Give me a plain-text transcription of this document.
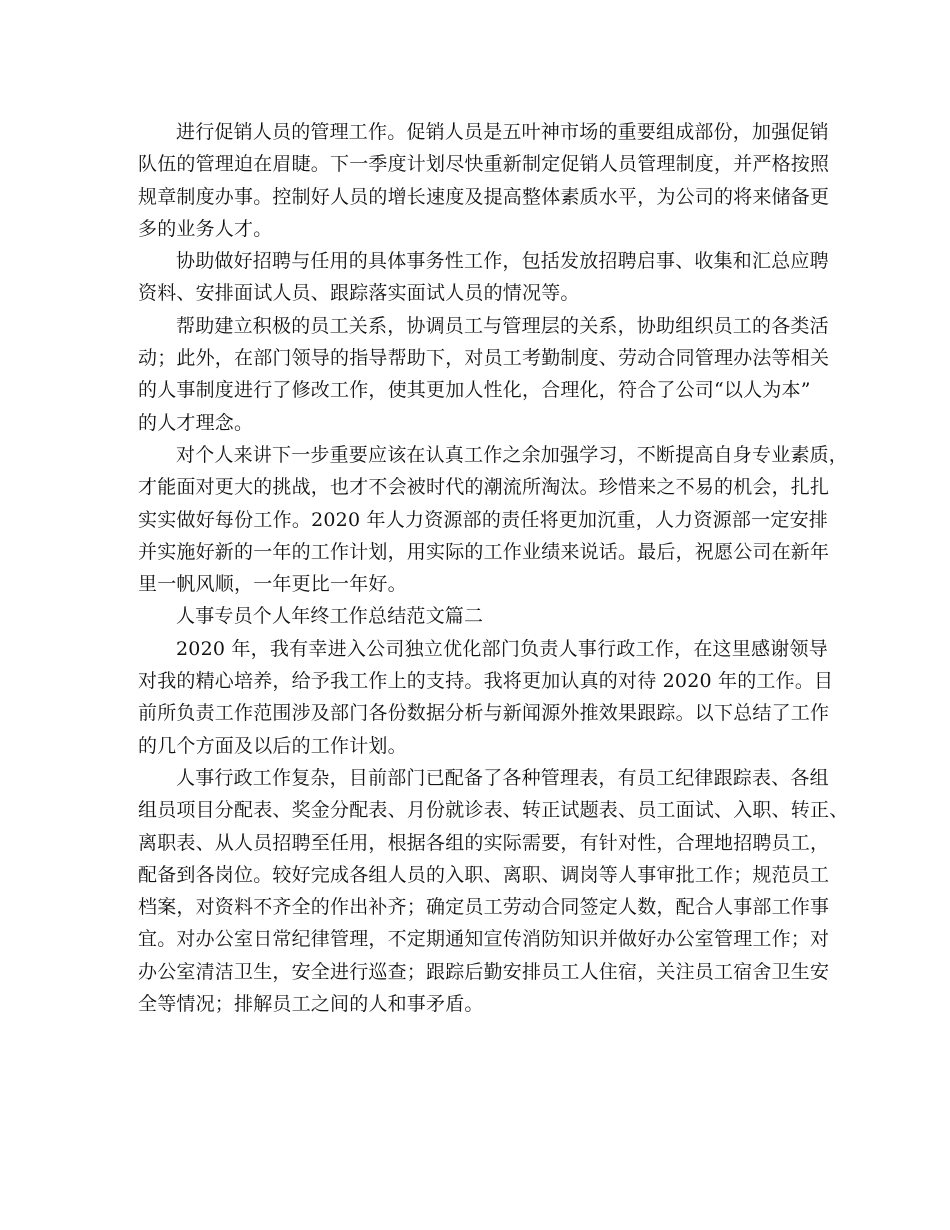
进行促销人员的管理工作。促销人员是五叶神市场的重要组成部份，加强促销
队伍的管理迫在眉睫。下一季度计划尽快重新制定促销人员管理制度，并严格按照
规章制度办事。控制好人员的增长速度及提高整体素质水平，为公司的将来储备更
多的业务人才。

协助做好招聘与任用的具体事务性工作，包括发放招聘启事、收集和汇总应聘
资料、安排面试人员、跟踪落实面试人员的情况等。

帮助建立积极的员工关系，协调员工与管理层的关系，协助组织员工的各类活
动；此外，在部门领导的指导帮助下，对员工考勤制度、劳动合同管理办法等相关
的人事制度进行了修改工作，使其更加人性化，合理化，符合了公司“以人为本”
的人才理念。

对个人来讲下一步重要应该在认真工作之余加强学习，不断提高自身专业素质，
才能面对更大的挑战，也才不会被时代的潮流所淘汰。珍惜来之不易的机会，扎扎
实实做好每份工作。2020 年人力资源部的责任将更加沉重，人力资源部一定安排
并实施好新的一年的工作计划，用实际的工作业绩来说话。最后，祝愿公司在新年
里一帆风顺，一年更比一年好。

人事专员个人年终工作总结范文篇二

2020 年，我有幸进入公司独立优化部门负责人事行政工作，在这里感谢领导
对我的精心培养，给予我工作上的支持。我将更加认真的对待 2020 年的工作。目
前所负责工作范围涉及部门各份数据分析与新闻源外推效果跟踪。以下总结了工作
的几个方面及以后的工作计划。

人事行政工作复杂，目前部门已配备了各种管理表，有员工纪律跟踪表、各组
组员项目分配表、奖金分配表、月份就诊表、转正试题表、员工面试、入职、转正、
离职表、从人员招聘至任用，根据各组的实际需要，有针对性，合理地招聘员工，
配备到各岗位。较好完成各组人员的入职、离职、调岗等人事审批工作；规范员工
档案，对资料不齐全的作出补齐；确定员工劳动合同签定人数，配合人事部工作事
宜。对办公室日常纪律管理，不定期通知宣传消防知识并做好办公室管理工作；对
办公室清洁卫生，安全进行巡查；跟踪后勤安排员工人住宿，关注员工宿舍卫生安
全等情况；排解员工之间的人和事矛盾。
